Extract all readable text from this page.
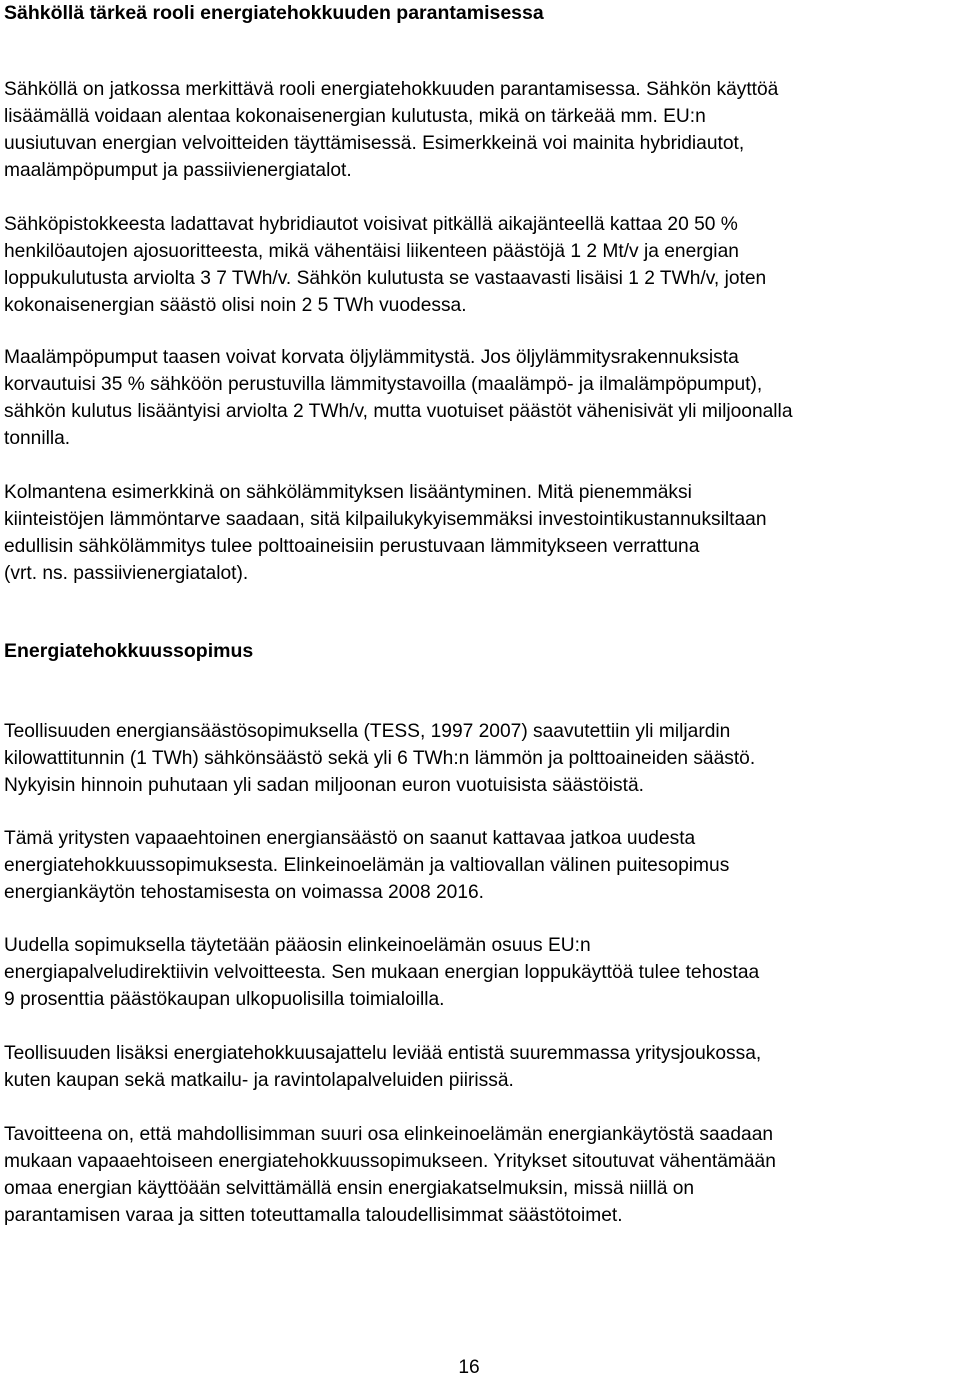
Sähköllä tärkeä rooli energiatehokkuuden parantamisessa
Sähköllä on jatkossa merkittävä rooli energiatehokkuuden parantamisessa. Sähkön käyttöä
lisäämällä voidaan alentaa kokonaisenergian kulutusta, mikä on tärkeää mm. EU:n
uusiutuvan energian velvoitteiden täyttämisessä. Esimerkkeinä voi mainita hybridiautot,
maalämpöpumput ja passiivienergiatalot.
Sähköpistokkeesta ladattavat hybridiautot voisivat pitkällä aikajänteellä kattaa 20 50 %
henkilöautojen ajosuoritteesta, mikä vähentäisi liikenteen päästöjä 1 2 Mt/v ja energian
loppukulutusta arviolta 3 7 TWh/v. Sähkön kulutusta se vastaavasti lisäisi 1 2 TWh/v, joten
kokonaisenergian säästö olisi noin 2 5 TWh vuodessa.
Maalämpöpumput taasen voivat korvata öljylämmitystä. Jos öljylämmitysrakennuksista
korvautuisi 35 % sähköön perustuvilla lämmitystavoilla (maalämpö- ja ilmalämpöpumput),
sähkön kulutus lisääntyisi arviolta 2 TWh/v, mutta vuotuiset päästöt vähenisivät yli miljoonalla
tonnilla.
Kolmantena esimerkkinä on sähkölämmityksen lisääntyminen. Mitä pienemmäksi
kiinteistöjen lämmöntarve saadaan, sitä kilpailukykyisemmäksi investointikustannuksiltaan
edullisin sähkölämmitys tulee polttoaineisiin perustuvaan lämmitykseen verrattuna
(vrt. ns. passiivienergiatalot).
Energiatehokkuussopimus
Teollisuuden energiansäästösopimuksella (TESS, 1997 2007) saavutettiin yli miljardin
kilowattitunnin (1 TWh) sähkönsäästö sekä yli 6 TWh:n lämmön ja polttoaineiden säästö.
Nykyisin hinnoin puhutaan yli sadan miljoonan euron vuotuisista säästöistä.
Tämä yritysten vapaaehtoinen energiansäästö on saanut kattavaa jatkoa uudesta
energiatehokkuussopimuksesta. Elinkeinoelämän ja valtiovallan välinen puitesopimus
energiankäytön tehostamisesta on voimassa 2008 2016.
Uudella sopimuksella täytetään pääosin elinkeinoelämän osuus EU:n
energiapalveludirektiivin velvoitteesta. Sen mukaan energian loppukäyttöä tulee tehostaa
9 prosenttia päästökaupan ulkopuolisilla toimialoilla.
Teollisuuden lisäksi energiatehokkuusajattelu leviää entistä suuremmassa yritysjoukossa,
kuten kaupan sekä matkailu- ja ravintolapalveluiden piirissä.
Tavoitteena on, että mahdollisimman suuri osa elinkeinoelämän energiankäytöstä saadaan
mukaan vapaaehtoiseen energiatehokkuussopimukseen. Yritykset sitoutuvat vähentämään
omaa energian käyttöään selvittämällä ensin energiakatselmuksin, missä niillä on
parantamisen varaa ja sitten toteuttamalla taloudellisimmat säästötoimet.
16
